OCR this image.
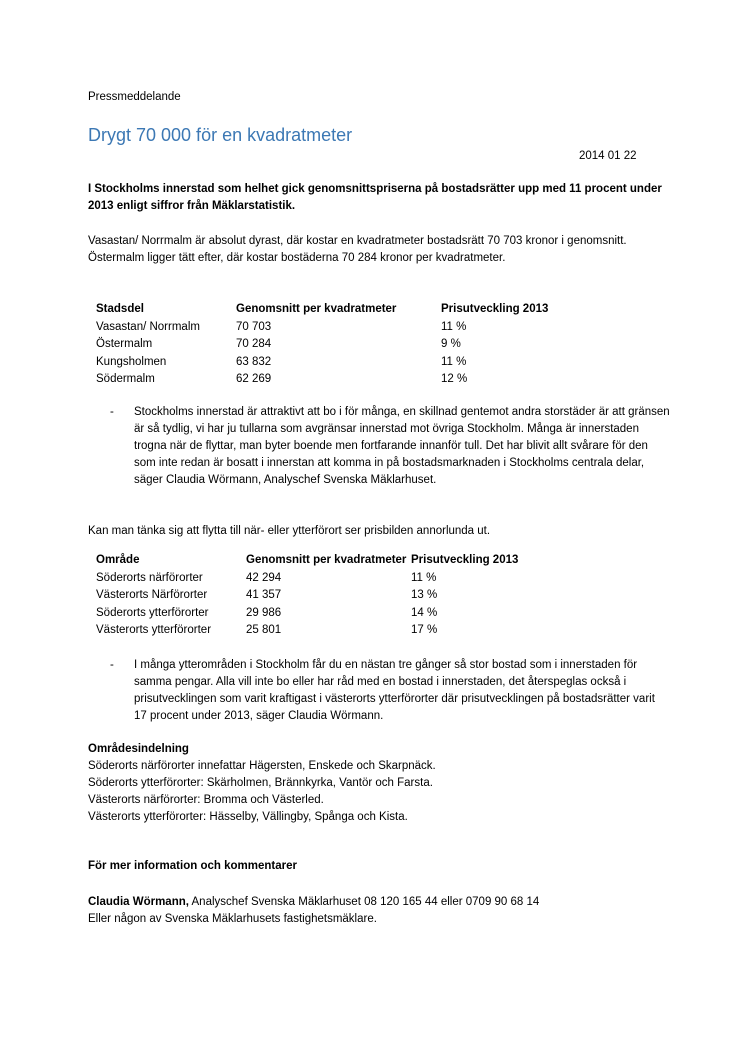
Pressmeddelande
Drygt 70 000 för en kvadratmeter
2014 01 22
I Stockholms innerstad som helhet gick genomsnittspriserna på bostadsrätter upp med 11 procent under 2013 enligt siffror från Mäklarstatistik.
Vasastan/ Norrmalm är absolut dyrast, där kostar en kvadratmeter bostadsrätt 70 703 kronor i genomsnitt. Östermalm ligger tätt efter, där kostar bostäderna 70 284 kronor per kvadratmeter.
Stadsdel	Genomsnitt per kvadratmeter	Prisutveckling 2013
Vasastan/ Norrmalm	70 703	11 %
Östermalm	70 284	9 %
Kungsholmen	63 832	11 %
Södermalm	62 269	12 %
- Stockholms innerstad är attraktivt att bo i för många, en skillnad gentemot andra storstäder är att gränsen är så tydlig, vi har ju tullarna som avgränsar innerstad mot övriga Stockholm. Många är innerstaden trogna när de flyttar, man byter boende men fortfarande innanför tull. Det har blivit allt svårare för den som inte redan är bosatt i innerstan att komma in på bostadsmarknaden i Stockholms centrala delar, säger Claudia Wörmann, Analyschef Svenska Mäklarhuset.
Kan man tänka sig att flytta till när- eller ytterförort ser prisbilden annorlunda ut.
Område	Genomsnitt per kvadratmeter	Prisutveckling 2013
Söderorts närförorter	42 294	11 %
Västerorts Närförorter	41 357	13 %
Söderorts ytterförorter	29 986	14 %
Västerorts ytterförorter	25 801	17 %
- I många ytterområden i Stockholm får du en nästan tre gånger så stor bostad som i innerstaden för samma pengar. Alla vill inte bo eller har råd med en bostad i innerstaden, det återspeglas också i prisutvecklingen som varit kraftigast i västerorts ytterförorter där prisutvecklingen på bostadsrätter varit 17 procent under 2013, säger Claudia Wörmann.
Områdesindelning
Söderorts närförorter innefattar Hägersten, Enskede och Skarpnäck.
Söderorts ytterförorter: Skärholmen, Brännkyrka, Vantör och Farsta.
Västerorts närförorter: Bromma och Västerled.
Västerorts ytterförorter: Hässelby, Vällingby, Spånga och Kista.
För mer information och kommentarer
Claudia Wörmann, Analyschef Svenska Mäklarhuset 08 120 165 44 eller 0709 90 68 14
Eller någon av Svenska Mäklarhusets fastighetsmäklare.
